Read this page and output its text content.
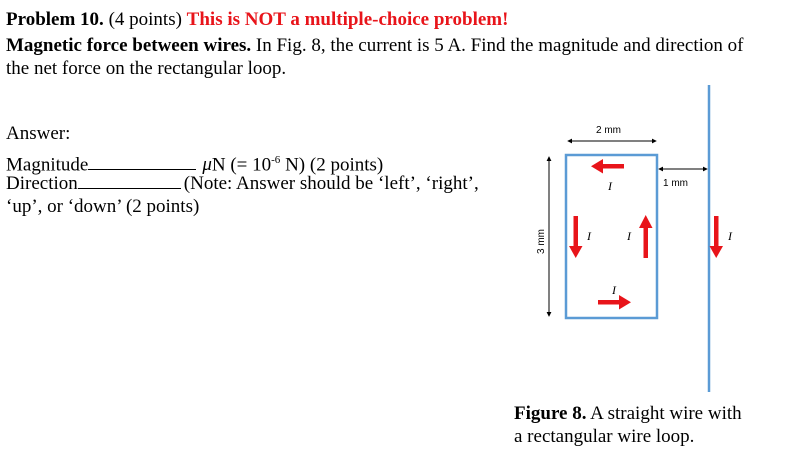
Problem 10. (4 points) This is NOT a multiple-choice problem!
Magnetic force between wires. In Fig. 8, the current is 5 A. Find the magnitude and direction of
the net force on the rectangular loop.
Answer:
Magnitude	μN (= $10^{-6}$ N) (2 points)
Direction	(Note: Answer should be ‘left’, ‘right’,
‘up’, or ‘down’ (2 points)
I
I
I	I	I
2 mm
1 mm
3 mm
Figure 8. A straight wire with
a rectangular wire loop.
